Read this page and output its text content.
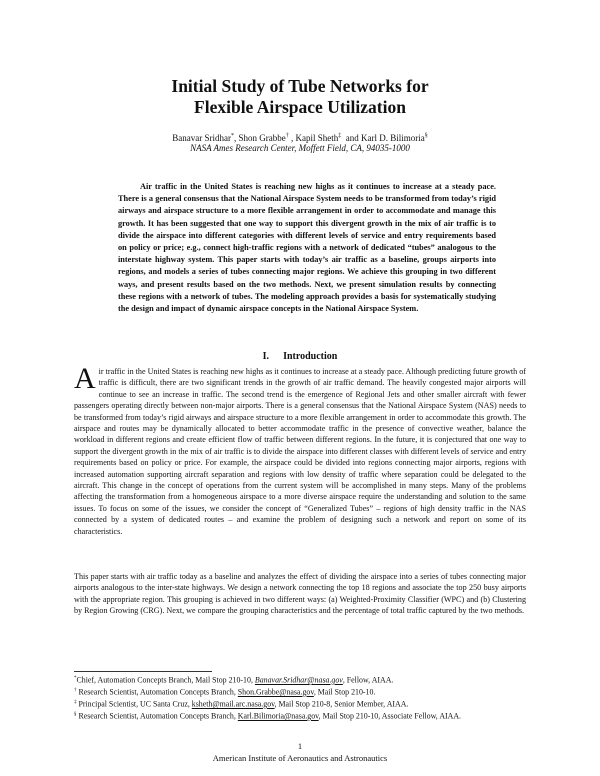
Initial Study of Tube Networks for
Flexible Airspace Utilization
Banavar Sridhar*, Shon Grabbe† , Kapil Sheth‡  and Karl D. Bilimoria§
NASA Ames Research Center, Moffett Field, CA, 94035-1000

Air traffic in the United States is reaching new highs as it continues to increase at a steady pace. There is a general consensus that the National Airspace System needs to be transformed from today’s rigid airways and airspace structure to a more flexible arrangement in order to accommodate and manage this growth. It has been suggested that one way to support this divergent growth in the mix of air traffic is to divide the airspace into different categories with different levels of service and entry requirements based on policy or price; e.g., connect high-traffic regions with a network of dedicated “tubes” analogous to the interstate highway system. This paper starts with today’s air traffic as a baseline, groups airports into regions, and models a series of tubes connecting major regions. We achieve this grouping in two different ways, and present results based on the two methods. Next, we present simulation results by connecting these regions with a network of tubes. The modeling approach provides a basis for systematically studying the design and impact of dynamic airspace concepts in the National Airspace System.

I. Introduction

Air traffic in the United States is reaching new highs as it continues to increase at a steady pace. Although predicting future growth of traffic is difficult, there are two significant trends in the growth of air traffic demand. The heavily congested major airports will continue to see an increase in traffic. The second trend is the emergence of Regional Jets and other smaller aircraft with fewer passengers operating directly between non-major airports. There is a general consensus that the National Airspace System (NAS) needs to be transformed from today’s rigid airways and airspace structure to a more flexible arrangement in order to accommodate this growth. The airspace and routes may be dynamically allocated to better accommodate traffic in the presence of convective weather, balance the workload in different regions and create efficient flow of traffic between different regions. In the future, it is conjectured that one way to support the divergent growth in the mix of air traffic is to divide the airspace into different classes with different levels of service and entry requirements based on policy or price. For example, the airspace could be divided into regions connecting major airports, regions with increased automation supporting aircraft separation and regions with low density of traffic where separation could be delegated to the aircraft. This change in the concept of operations from the current system will be accomplished in many steps. Many of the problems affecting the transformation from a homogeneous airspace to a more diverse airspace require the understanding and solution to the same issues. To focus on some of the issues, we consider the concept of “Generalized Tubes” – regions of high density traffic in the NAS connected by a system of dedicated routes – and examine the problem of designing such a network and report on some of its characteristics.

This paper starts with air traffic today as a baseline and analyzes the effect of dividing the airspace into a series of tubes connecting major airports analogous to the inter-state highways. We design a network connecting the top 18 regions and associate the top 250 busy airports with the appropriate region. This grouping is achieved in two different ways: (a) Weighted-Proximity Classifier (WPC) and (b) Clustering by Region Growing (CRG). Next, we compare the grouping characteristics and the percentage of total traffic captured by the two methods.

*Chief, Automation Concepts Branch, Mail Stop 210-10, Banavar.Sridhar@nasa.gov, Fellow, AIAA.
† Research Scientist, Automation Concepts Branch, Shon.Grabbe@nasa.gov, Mail Stop 210-10.
‡ Principal Scientist, UC Santa Cruz, ksheth@mail.arc.nasa.gov, Mail Stop 210-8, Senior Member, AIAA.
§ Research Scientist, Automation Concepts Branch, Karl.Bilimoria@nasa.gov, Mail Stop 210-10, Associate Fellow, AIAA.
1
American Institute of Aeronautics and Astronautics
